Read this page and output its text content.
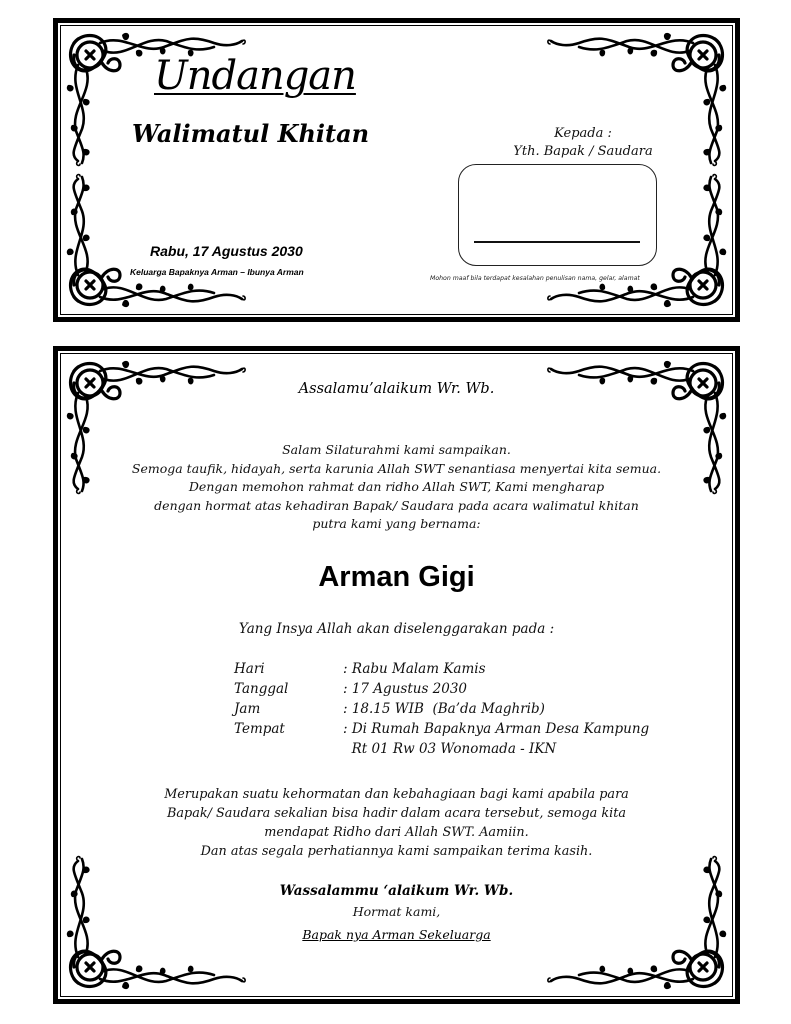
Undangan
Walimatul Khitan
Rabu, 17 Agustus 2030
Keluarga Bapaknya Arman – Ibunya Arman
Kepada :
Yth. Bapak / Saudara
Mohon maaf bila terdapat kesalahan penulisan nama, gelar, alamat
Assalamu’alaikum Wr. Wb.
Salam Silaturahmi kami sampaikan.
Semoga taufik, hidayah, serta karunia Allah SWT senantiasa menyertai kita semua.
Dengan memohon rahmat dan ridho Allah SWT, Kami mengharap
dengan hormat atas kehadiran Bapak/ Saudara pada acara walimatul khitan
putra kami yang bernama:
Arman Gigi
Yang Insya Allah akan diselenggarakan pada :
Hari	: Rabu Malam Kamis
Tanggal	: 17 Agustus 2030
Jam	: 18.15 WIB  (Ba’da Maghrib)
Tempat	: Di Rumah Bapaknya Arman Desa Kampung
Rt 01 Rw 03 Wonomada - IKN
Merupakan suatu kehormatan dan kebahagiaan bagi kami apabila para
Bapak/ Saudara sekalian bisa hadir dalam acara tersebut, semoga kita
mendapat Ridho dari Allah SWT. Aamiin.
Dan atas segala perhatiannya kami sampaikan terima kasih.
Wassalammu ‘alaikum Wr. Wb.
Hormat kami,
Bapak nya Arman Sekeluarga
